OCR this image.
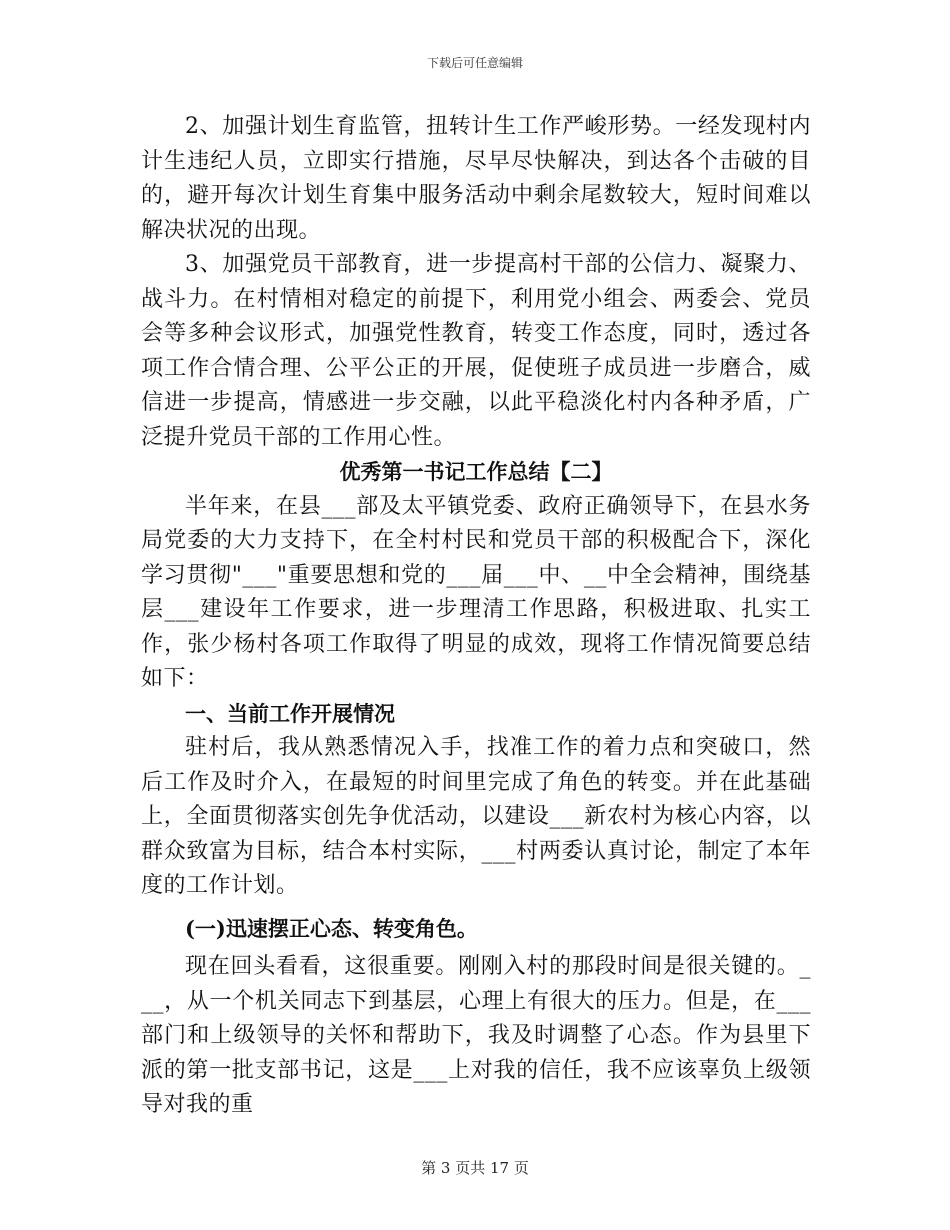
下载后可任意编辑

2、加强计划生育监管，扭转计生工作严峻形势。一经发现村内计生违纪人员，立即实行措施，尽早尽快解决，到达各个击破的目的，避开每次计划生育集中服务活动中剩余尾数较大，短时间难以解决状况的出现。

3、加强党员干部教育，进一步提高村干部的公信力、凝聚力、战斗力。在村情相对稳定的前提下，利用党小组会、两委会、党员会等多种会议形式，加强党性教育，转变工作态度，同时，透过各项工作合情合理、公平公正的开展，促使班子成员进一步磨合，威信进一步提高，情感进一步交融，以此平稳淡化村内各种矛盾，广泛提升党员干部的工作用心性。

优秀第一书记工作总结【二】

半年来，在县___部及太平镇党委、政府正确领导下，在县水务局党委的大力支持下，在全村村民和党员干部的积极配合下，深化学习贯彻"___"重要思想和党的___届___中、__中全会精神，围绕基层___建设年工作要求，进一步理清工作思路，积极进取、扎实工作，张少杨村各项工作取得了明显的成效，现将工作情况简要总结如下：

一、当前工作开展情况

驻村后，我从熟悉情况入手，找准工作的着力点和突破口，然后工作及时介入，在最短的时间里完成了角色的转变。并在此基础上，全面贯彻落实创先争优活动，以建设___新农村为核心内容，以群众致富为目标，结合本村实际，___村两委认真讨论，制定了本年度的工作计划。

(一)迅速摆正心态、转变角色。

现在回头看看，这很重要。刚刚入村的那段时间是很关键的。___，从一个机关同志下到基层，心理上有很大的压力。但是，在___部门和上级领导的关怀和帮助下，我及时调整了心态。作为县里下派的第一批支部书记，这是___上对我的信任，我不应该辜负上级领导对我的重

第 3 页共 17 页
